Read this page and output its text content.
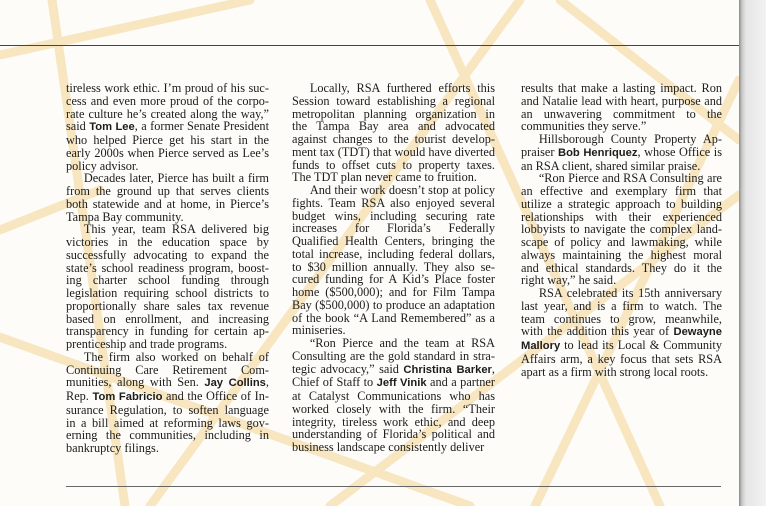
tireless work ethic. I’m proud of his success and even more proud of the corporate culture he’s created along the way,” said Tom Lee, a former Senate President who helped Pierce get his start in the early 2000s when Pierce served as Lee’s policy advisor.

Decades later, Pierce has built a firm from the ground up that serves clients both statewide and at home, in Pierce’s Tampa Bay community.

This year, team RSA delivered big victories in the education space by successfully advocating to expand the state’s school readiness program, boosting charter school funding through legislation requiring school districts to proportionally share sales tax revenue based on enrollment, and increasing transparency in funding for certain apprenticeship and trade programs.

The firm also worked on behalf of Continuing Care Retirement Communities, along with Sen. Jay Collins, Rep. Tom Fabricio and the Office of Insurance Regulation, to soften language in a bill aimed at reforming laws governing the communities, including in bankruptcy filings.

Locally, RSA furthered efforts this Session toward establishing a regional metropolitan planning organization in the Tampa Bay area and advocated against changes to the tourist development tax (TDT) that would have diverted funds to offset cuts to property taxes. The TDT plan never came to fruition.

And their work doesn’t stop at policy fights. Team RSA also enjoyed several budget wins, including securing rate increases for Florida’s Federally Qualified Health Centers, bringing the total increase, including federal dollars, to $30 million annually. They also secured funding for A Kid’s Place foster home ($500,000); and for Film Tampa Bay ($500,000) to produce an adaptation of the book “A Land Remembered” as a miniseries.

“Ron Pierce and the team at RSA Consulting are the gold standard in strategic advocacy,” said Christina Barker, Chief of Staff to Jeff Vinik and a partner at Catalyst Communications who has worked closely with the firm. “Their integrity, tireless work ethic, and deep understanding of Florida’s political and business landscape consistently deliver

results that make a lasting impact. Ron and Natalie lead with heart, purpose and an unwavering commitment to the communities they serve.”

Hillsborough County Property Appraiser Bob Henriquez, whose Office is an RSA client, shared similar praise.

“Ron Pierce and RSA Consulting are an effective and exemplary firm that utilize a strategic approach to building relationships with their experienced lobbyists to navigate the complex landscape of policy and lawmaking, while always maintaining the highest moral and ethical standards. They do it the right way,” he said.

RSA celebrated its 15th anniversary last year, and is a firm to watch. The team continues to grow, meanwhile, with the addition this year of Dewayne Mallory to lead its Local & Community Affairs arm, a key focus that sets RSA apart as a firm with strong local roots.
